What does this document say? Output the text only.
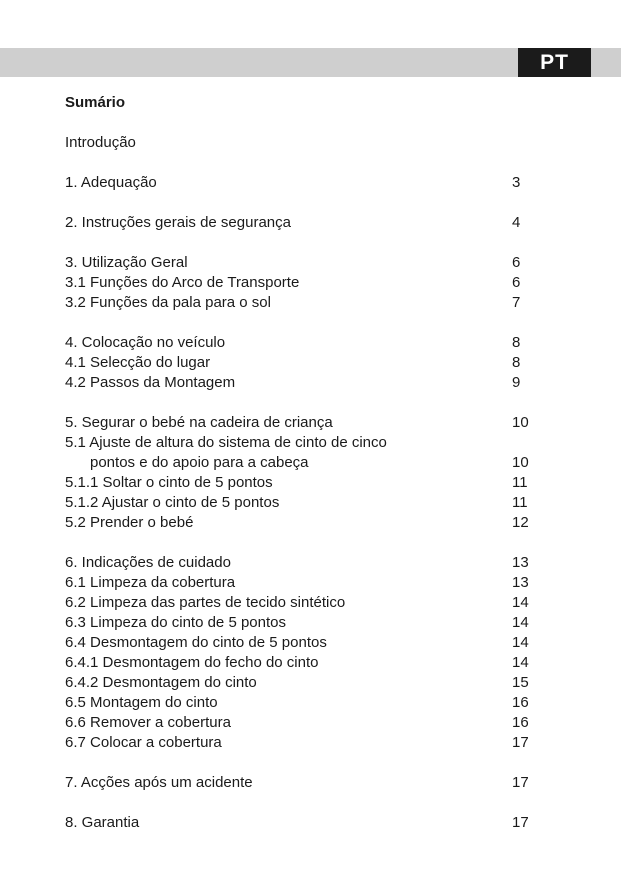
PT
Sumário
Introdução
1. Adequação	3
2. Instruções gerais de segurança	4
3. Utilização Geral	6
3.1 Funções do Arco de Transporte	6
3.2 Funções da pala para o sol	7
4. Colocação no veículo	8
4.1 Selecção do lugar	8
4.2 Passos da Montagem	9
5. Segurar o bebé na cadeira de criança	10
5.1 Ajuste de altura do sistema de cinto de cinco
pontos e do apoio para a cabeça	10
5.1.1 Soltar o cinto de 5 pontos	11
5.1.2 Ajustar o cinto de 5 pontos	11
5.2 Prender o bebé	12
6. Indicações de cuidado	13
6.1 Limpeza da cobertura	13
6.2 Limpeza das partes de tecido sintético	14
6.3 Limpeza do cinto de 5 pontos	14
6.4 Desmontagem do cinto de 5 pontos	14
6.4.1 Desmontagem do fecho do cinto	14
6.4.2 Desmontagem do cinto	15
6.5 Montagem do cinto	16
6.6 Remover a cobertura	16
6.7 Colocar a cobertura	17
7. Acções após um acidente	17
8. Garantia	17
